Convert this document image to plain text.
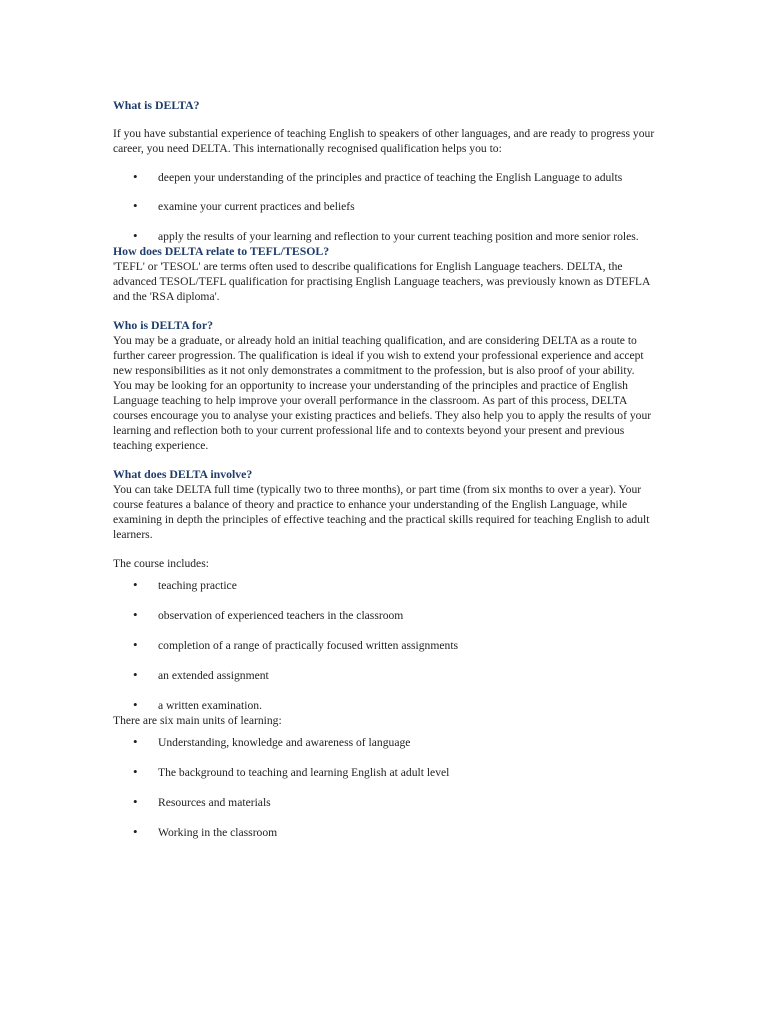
What is DELTA?

If you have substantial experience of teaching English to speakers of other languages, and are ready to progress your career, you need DELTA. This internationally recognised qualification helps you to:

• deepen your understanding of the principles and practice of teaching the English Language to adults
• examine your current practices and beliefs
• apply the results of your learning and reflection to your current teaching position and more senior roles.
How does DELTA relate to TEFL/TESOL?

'TEFL' or 'TESOL' are terms often used to describe qualifications for English Language teachers. DELTA, the advanced TESOL/TEFL qualification for practising English Language teachers, was previously known as DTEFLA and the 'RSA diploma'.

Who is DELTA for?

You may be a graduate, or already hold an initial teaching qualification, and are considering DELTA as a route to further career progression. The qualification is ideal if you wish to extend your professional experience and accept new responsibilities as it not only demonstrates a commitment to the profession, but is also proof of your ability.

You may be looking for an opportunity to increase your understanding of the principles and practice of English Language teaching to help improve your overall performance in the classroom. As part of this process, DELTA courses encourage you to analyse your existing practices and beliefs. They also help you to apply the results of your learning and reflection both to your current professional life and to contexts beyond your present and previous teaching experience.

What does DELTA involve?

You can take DELTA full time (typically two to three months), or part time (from six months to over a year). Your course features a balance of theory and practice to enhance your understanding of the English Language, while examining in depth the principles of effective teaching and the practical skills required for teaching English to adult learners.

The course includes:

• teaching practice
• observation of experienced teachers in the classroom
• completion of a range of practically focused written assignments
• an extended assignment
• a written examination.

There are six main units of learning:

• Understanding, knowledge and awareness of language
• The background to teaching and learning English at adult level
• Resources and materials
• Working in the classroom
